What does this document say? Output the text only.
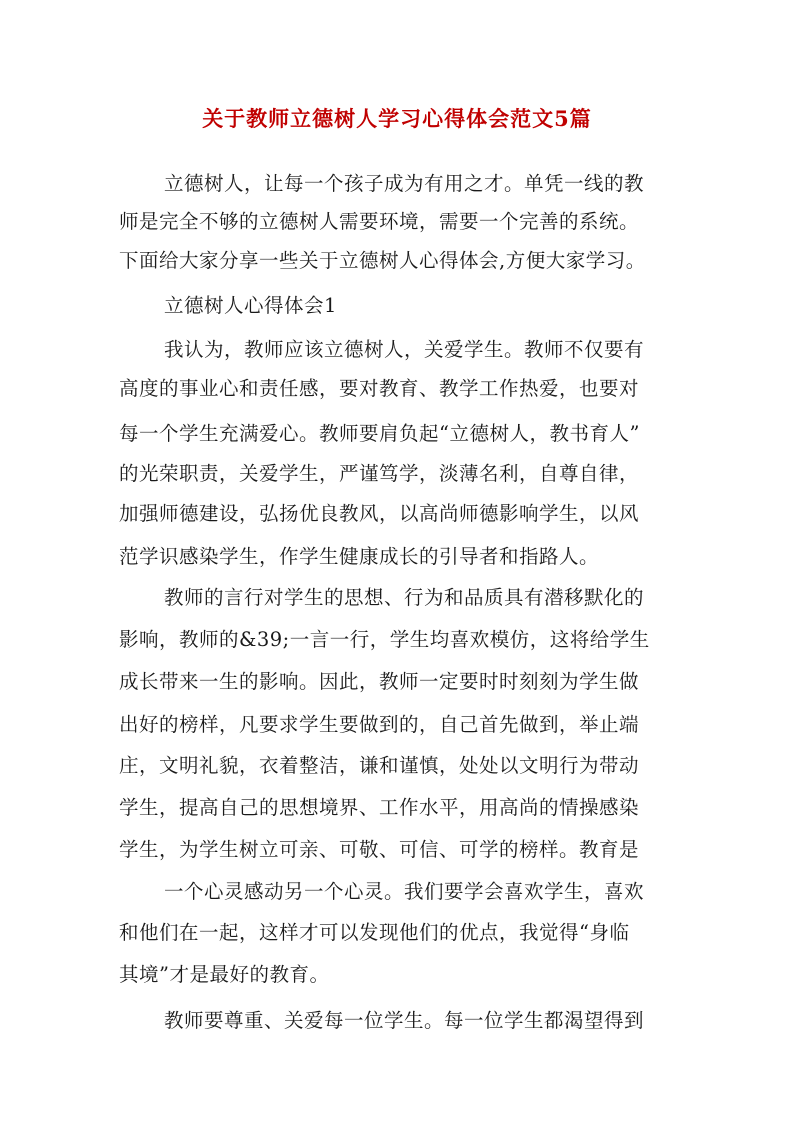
关于教师立德树人学习心得体会范文5篇
立德树人，让每一个孩子成为有用之才。单凭一线的教
师是完全不够的立德树人需要环境，需要一个完善的系统。
下面给大家分享一些关于立德树人心得体会,方便大家学习。
立德树人心得体会1
我认为，教师应该立德树人，关爱学生。教师不仅要有
高度的事业心和责任感，要对教育、教学工作热爱，也要对
每一个学生充满爱心。教师要肩负起“立德树人，教书育人”
的光荣职责，关爱学生，严谨笃学，淡薄名利，自尊自律，
加强师德建设，弘扬优良教风，以高尚师德影响学生，以风
范学识感染学生，作学生健康成长的引导者和指路人。
教师的言行对学生的思想、行为和品质具有潜移默化的
影响，教师的&39;一言一行，学生均喜欢模仿，这将给学生
成长带来一生的影响。因此，教师一定要时时刻刻为学生做
出好的榜样，凡要求学生要做到的，自己首先做到，举止端
庄，文明礼貌，衣着整洁，谦和谨慎，处处以文明行为带动
学生，提高自己的思想境界、工作水平，用高尚的情操感染
学生，为学生树立可亲、可敬、可信、可学的榜样。教育是
一个心灵感动另一个心灵。我们要学会喜欢学生，喜欢
和他们在一起，这样才可以发现他们的优点，我觉得“身临
其境”才是最好的教育。
教师要尊重、关爱每一位学生。每一位学生都渴望得到
